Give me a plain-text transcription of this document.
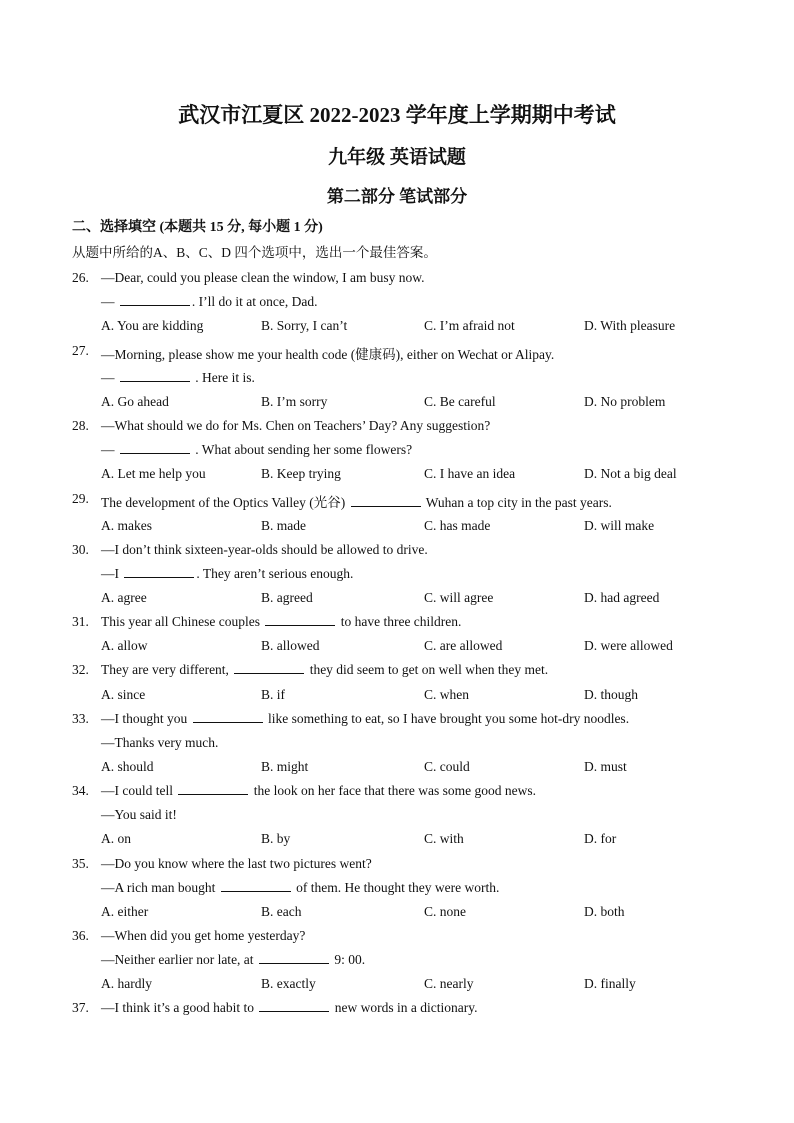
武汉市江夏区 2022-2023 学年度上学期期中考试
九年级 英语试题
第二部分 笔试部分
二、选择填空 (本题共 15 分, 每小题 1 分)
从题中所给的A、B、C、D 四个选项中，选出一个最佳答案。
26. —Dear, could you please clean the window, I am busy now.
—	. I’ll do it at once, Dad.
A. You are kidding	B. Sorry, I can’t	C. I’m afraid not	D. With pleasure
27. —Morning, please show me your health code (健康码), either on Wechat or Alipay.
—	. Here it is.
A. Go ahead	B. I’m sorry	C. Be careful	D. No problem
28. —What should we do for Ms. Chen on Teachers’ Day? Any suggestion?
—	. What about sending her some flowers?
A. Let me help you	B. Keep trying	C. I have an idea	D. Not a big deal
29. The development of the Optics Valley (光谷)	Wuhan a top city in the past years.
A. makes	B. made	C. has made	D. will make
30. —I don’t think sixteen-year-olds should be allowed to drive.
—I	. They aren’t serious enough.
A. agree	B. agreed	C. will agree	D. had agreed
31. This year all Chinese couples	to have three children.
A. allow	B. allowed	C. are allowed	D. were allowed
32. They are very different,	they did seem to get on well when they met.
A. since	B. if	C. when	D. though
33. —I thought you	like something to eat, so I have brought you some hot-dry noodles.
—Thanks very much.
A. should	B. might	C. could	D. must
34. —I could tell	the look on her face that there was some good news.
—You said it!
A. on	B. by	C. with	D. for
35. —Do you know where the last two pictures went?
—A rich man bought	of them. He thought they were worth.
A. either	B. each	C. none	D. both
36. —When did you get home yesterday?
—Neither earlier nor late, at	9: 00.
A. hardly	B. exactly	C. nearly	D. finally
37. —I think it’s a good habit to	new words in a dictionary.
